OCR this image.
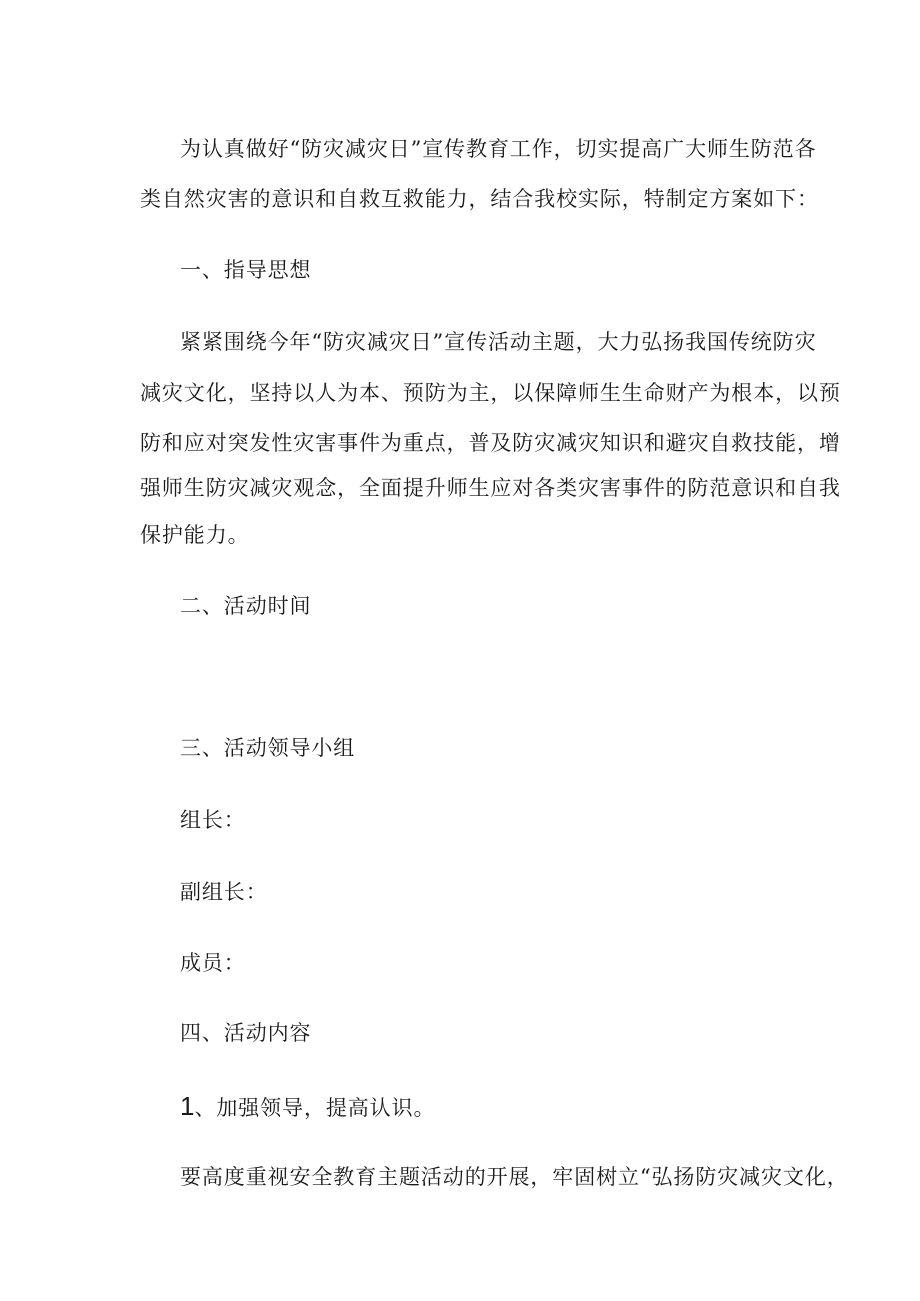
为认真做好“防灾减灾日”宣传教育工作，切实提高广大师生防范各
类自然灾害的意识和自救互救能力，结合我校实际，特制定方案如下：
一、指导思想
紧紧围绕今年“防灾减灾日”宣传活动主题，大力弘扬我国传统防灾
减灾文化，坚持以人为本、预防为主，以保障师生生命财产为根本，以预
防和应对突发性灾害事件为重点，普及防灾减灾知识和避灾自救技能，增
强师生防灾减灾观念，全面提升师生应对各类灾害事件的防范意识和自我
保护能力。
二、活动时间
三、活动领导小组
组长：
副组长：
成员：
四、活动内容
1、加强领导，提高认识。
要高度重视安全教育主题活动的开展，牢固树立“弘扬防灾减灾文化，
